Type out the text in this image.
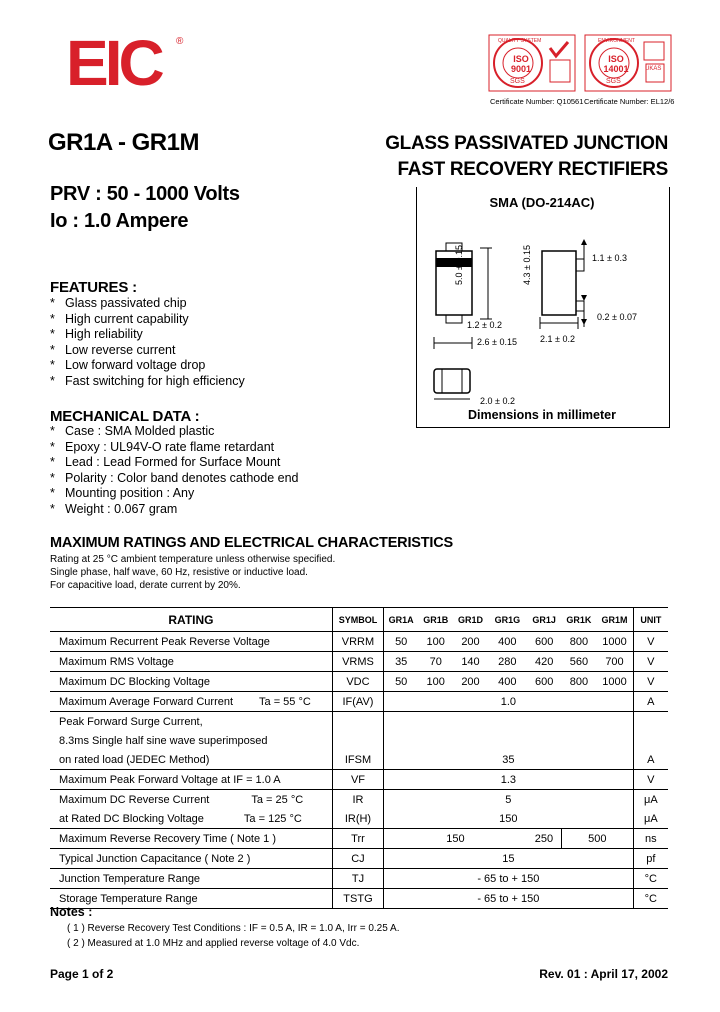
EIC ®
ISO 9001
SGS
QUALITY SYSTEM
ISO 14001
SGS
UKAS
ENVIRONMENT
Certificate Number: Q10561 Certificate Number: EL12/6
GR1A - GR1M	GLASS PASSIVATED JUNCTION
FAST RECOVERY RECTIFIERS
PRV : 50 - 1000 Volts
Io : 1.0 Ampere
FEATURES :
* Glass passivated chip
* High current capability
* High reliability
* Low reverse current
* Low forward voltage drop
* Fast switching for high efficiency
MECHANICAL DATA :
* Case : SMA Molded plastic
* Epoxy : UL94V-O rate flame retardant
* Lead : Lead Formed for Surface Mount
* Polarity : Color band denotes cathode end
* Mounting position : Any
* Weight : 0.067 gram
SMA (DO-214AC)
1.1 ± 0.3
0.2 ± 0.07
1.2 ± 0.2
2.6 ± 0.15	2.1 ± 0.2
2.0 ± 0.2
5.0 ± 0.15	4.3 ± 0.15
Dimensions in millimeter
MAXIMUM RATINGS AND ELECTRICAL CHARACTERISTICS
Rating at 25 °C ambient temperature unless otherwise specified.
Single phase, half wave, 60 Hz, resistive or inductive load.
For capacitive load, derate current by 20%.
RATING	SYMBOL	GR1A	GR1B	GR1D	GR1G	GR1J	GR1K	GR1M	UNIT
Maximum Recurrent Peak Reverse Voltage	VRRM	50	100	200	400	600	800	1000	V
Maximum RMS Voltage	VRMS	35	70	140	280	420	560	700	V
Maximum DC Blocking Voltage	VDC	50	100	200	400	600	800	1000	V
Maximum Average Forward Current Ta = 55 °C	IF(AV)	1.0							A
Peak Forward Surge Current,									
8.3ms Single half sine wave superimposed									
on rated load (JEDEC Method)	IFSM	35							A
Maximum Peak Forward Voltage at IF = 1.0 A	VF	1.3							V
Maximum DC Reverse Current Ta = 25 °C	IR	5							μA
at Rated DC Blocking Voltage Ta = 125 °C	IR(H)	150							μA
Maximum Reverse Recovery Time ( Note 1 )	Trr	150				250	500		ns
Typical Junction Capacitance ( Note 2 )	CJ	15							pf
Junction Temperature Range	TJ	- 65 to + 150							°C
Storage Temperature Range	TSTG	- 65 to + 150							°C
Notes :
( 1 ) Reverse Recovery Test Conditions : IF = 0.5 A, IR = 1.0 A, Irr = 0.25 A.
( 2 ) Measured at 1.0 MHz and applied reverse voltage of 4.0 Vdc.
Page 1 of 2	Rev. 01 : April 17, 2002
